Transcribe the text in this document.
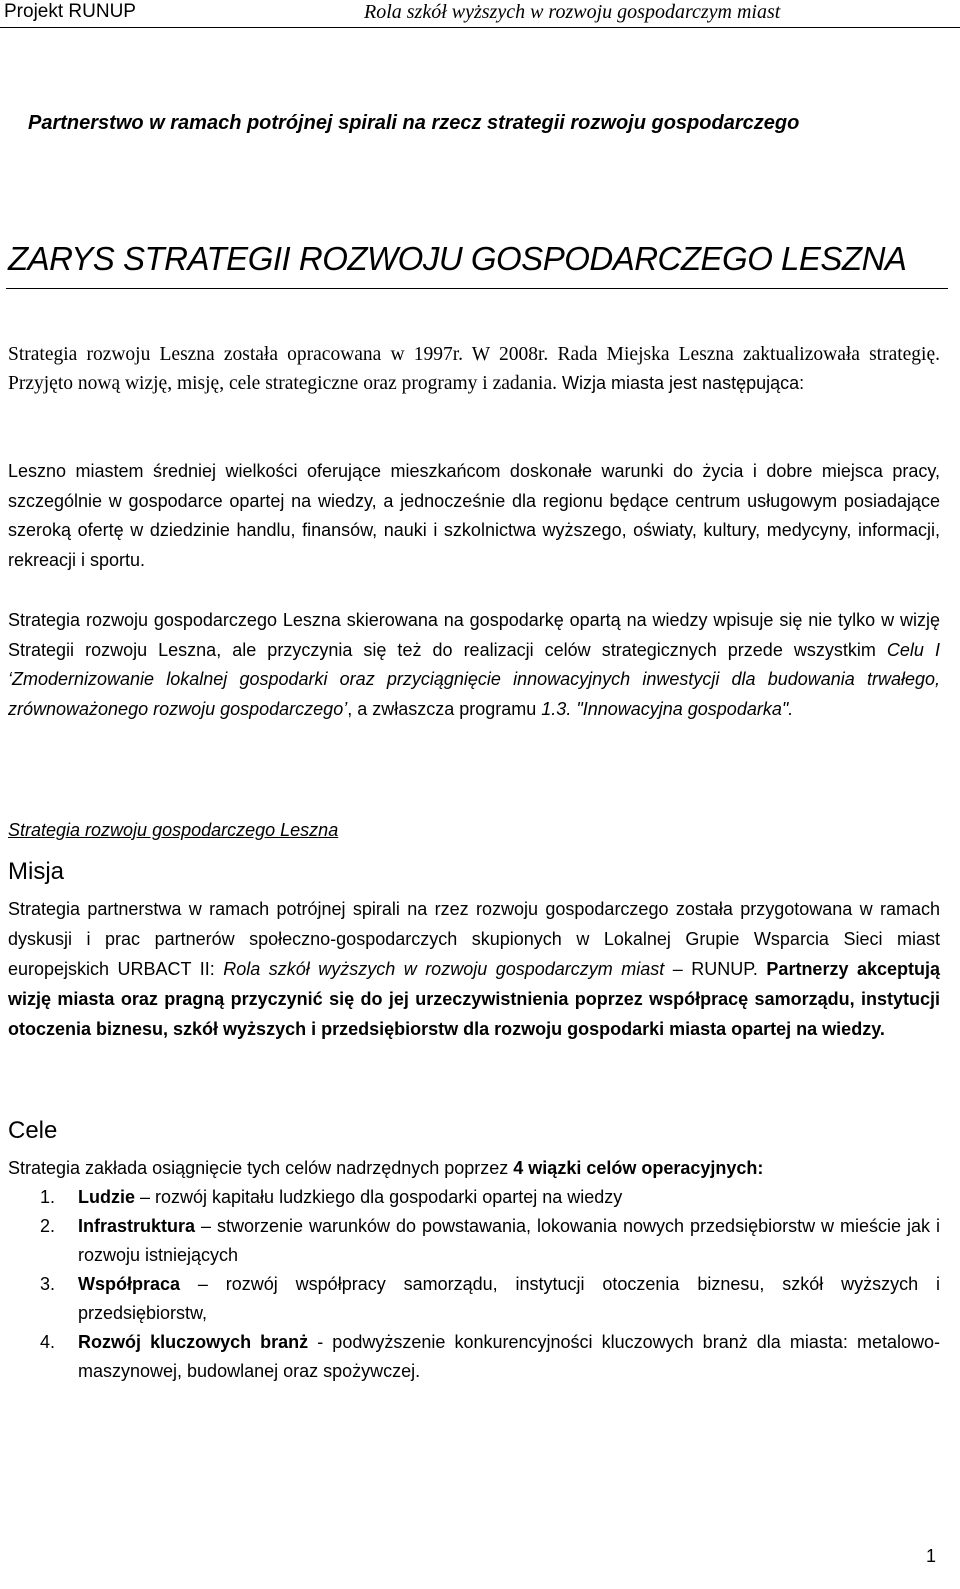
Projekt RUNUP	Rola szkół wyższych w rozwoju gospodarczym miast
Partnerstwo w ramach potrójnej spirali na rzecz strategii rozwoju gospodarczego
ZARYS STRATEGII ROZWOJU GOSPODARCZEGO LESZNA

Strategia rozwoju Leszna została opracowana w 1997r. W 2008r. Rada Miejska Leszna zaktualizowała strategię. Przyjęto nową wizję, misję, cele strategiczne oraz programy i zadania. Wizja miasta jest następująca:

Leszno miastem średniej wielkości oferujące mieszkańcom doskonałe warunki do życia i dobre miejsca pracy, szczególnie w gospodarce opartej na wiedzy, a jednocześnie dla regionu będące centrum usługowym posiadające szeroką ofertę w dziedzinie handlu, finansów, nauki i szkolnictwa wyższego, oświaty, kultury, medycyny, informacji, rekreacji i sportu.

Strategia rozwoju gospodarczego Leszna skierowana na gospodarkę opartą na wiedzy wpisuje się nie tylko w wizję Strategii rozwoju Leszna, ale przyczynia się też do realizacji celów strategicznych przede wszystkim Celu I ‘Zmodernizowanie lokalnej gospodarki oraz przyciągnięcie innowacyjnych inwestycji dla budowania trwałego, zrównoważonego rozwoju gospodarczego’, a zwłaszcza programu 1.3. "Innowacyjna gospodarka".

Strategia rozwoju gospodarczego Leszna
Misja

Strategia partnerstwa w ramach potrójnej spirali na rzez rozwoju gospodarczego została przygotowana w ramach dyskusji i prac partnerów społeczno-gospodarczych skupionych w Lokalnej Grupie Wsparcia Sieci miast europejskich URBACT II: Rola szkół wyższych w rozwoju gospodarczym miast – RUNUP. Partnerzy akceptują wizję miasta oraz pragną przyczynić się do jej urzeczywistnienia poprzez współpracę samorządu, instytucji otoczenia biznesu, szkół wyższych i przedsiębiorstw dla rozwoju gospodarki miasta opartej na wiedzy.

Cele

Strategia zakłada osiągnięcie tych celów nadrzędnych poprzez 4 wiązki celów operacyjnych:

1. Ludzie – rozwój kapitału ludzkiego dla gospodarki opartej na wiedzy
2. Infrastruktura – stworzenie warunków do powstawania, lokowania nowych przedsiębiorstw w mieście jak i rozwoju istniejących
3. Współpraca – rozwój współpracy samorządu, instytucji otoczenia biznesu, szkół wyższych i przedsiębiorstw,
4. Rozwój kluczowych branż - podwyższenie konkurencyjności kluczowych branż dla miasta: metalowo-maszynowej, budowlanej oraz spożywczej.
1
